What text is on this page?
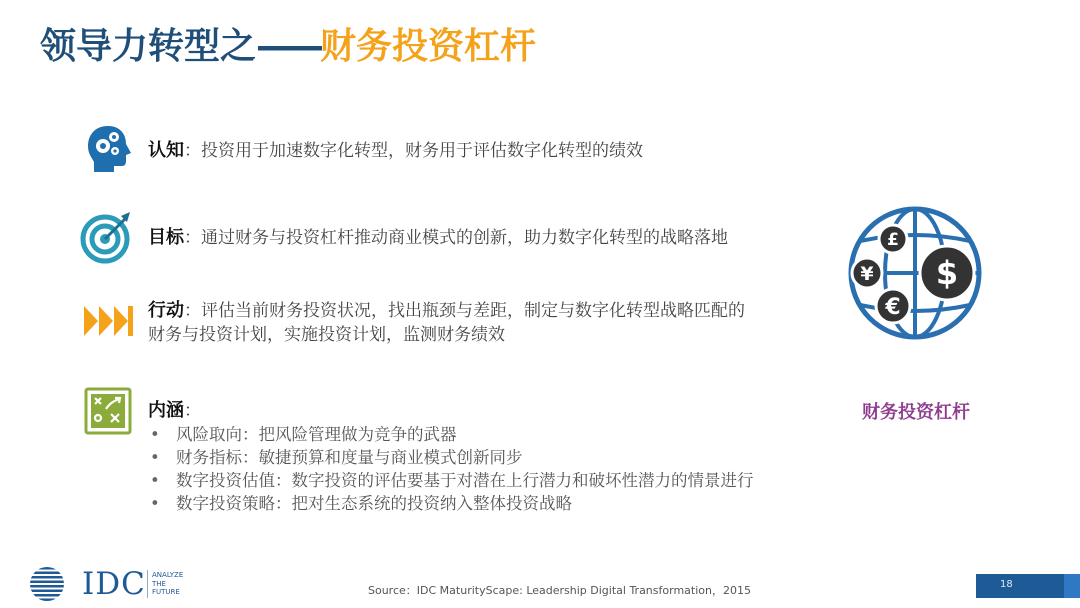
领导力转型之——财务投资杠杆
认知：投资用于加速数字化转型，财务用于评估数字化转型的绩效
目标：通过财务与投资杠杆推动商业模式的创新，助力数字化转型的战略落地
行动：评估当前财务投资状况，找出瓶颈与差距，制定与数字化转型战略匹配的
财务与投资计划，实施投资计划，监测财务绩效
内涵：
• 风险取向：把风险管理做为竞争的武器
• 财务指标：敏捷预算和度量与商业模式创新同步
• 数字投资估值：数字投资的评估要基于对潜在上行潜力和破坏性潜力的情景进行
• 数字投资策略：把对生态系统的投资纳入整体投资战略
£
¥ $
€
财务投资杠杆
IDC ANALYZE
THE
FUTURE	Source：IDC MaturityScape: Leadership Digital Transformation，2015	18
